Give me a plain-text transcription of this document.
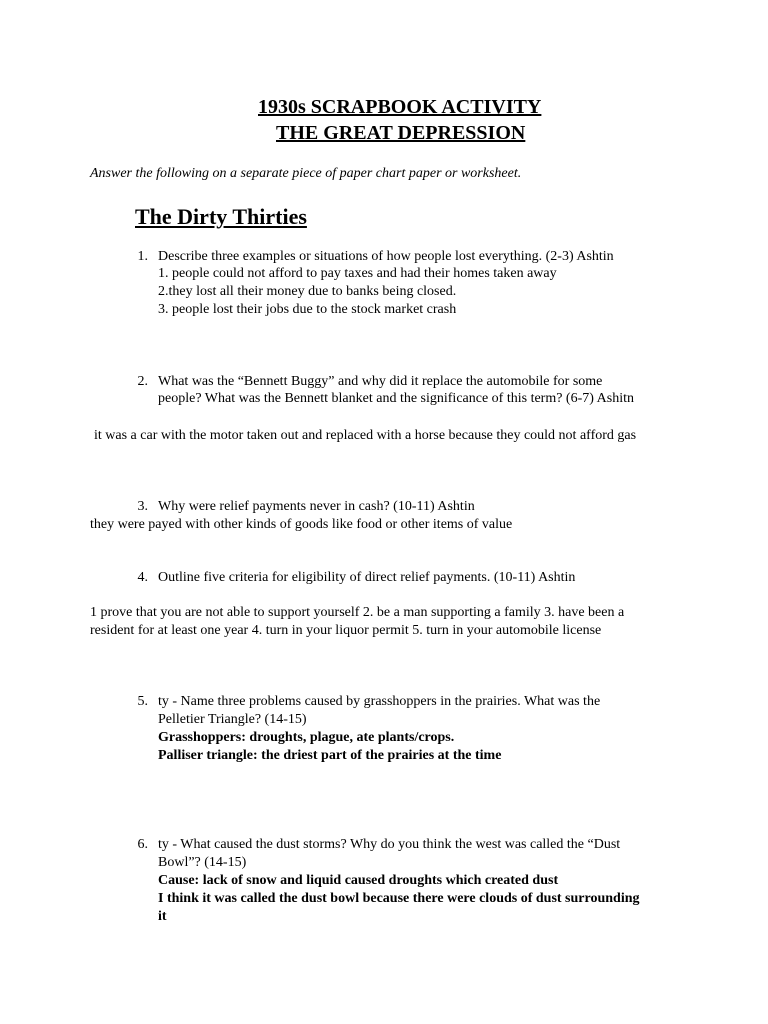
1930s SCRAPBOOK ACTIVITY
THE GREAT DEPRESSION
Answer the following on a separate piece of paper chart paper or worksheet.
The Dirty Thirties
1. Describe three examples or situations of how people lost everything. (2-3) Ashtin
1. people could not afford to pay taxes and had their homes taken away
2.they lost all their money due to banks being closed.
3. people lost their jobs due to the stock market crash
2. What was the “Bennett Buggy” and why did it replace the automobile for some
people? What was the Bennett blanket and the significance of this term? (6-7) Ashitn
it was a car with the motor taken out and replaced with a horse because they could not afford gas
3. Why were relief payments never in cash? (10-11) Ashtin
they were payed with other kinds of goods like food or other items of value
4. Outline five criteria for eligibility of direct relief payments. (10-11) Ashtin
1 prove that you are not able to support yourself 2. be a man supporting a family 3. have been a
resident for at least one year 4. turn in your liquor permit 5. turn in your automobile license
5. ty - Name three problems caused by grasshoppers in the prairies. What was the
Pelletier Triangle? (14-15)
Grasshoppers: droughts, plague, ate plants/crops.
Palliser triangle: the driest part of the prairies at the time
6. ty - What caused the dust storms? Why do you think the west was called the “Dust
Bowl”? (14-15)
Cause: lack of snow and liquid caused droughts which created dust
I think it was called the dust bowl because there were clouds of dust surrounding
it
